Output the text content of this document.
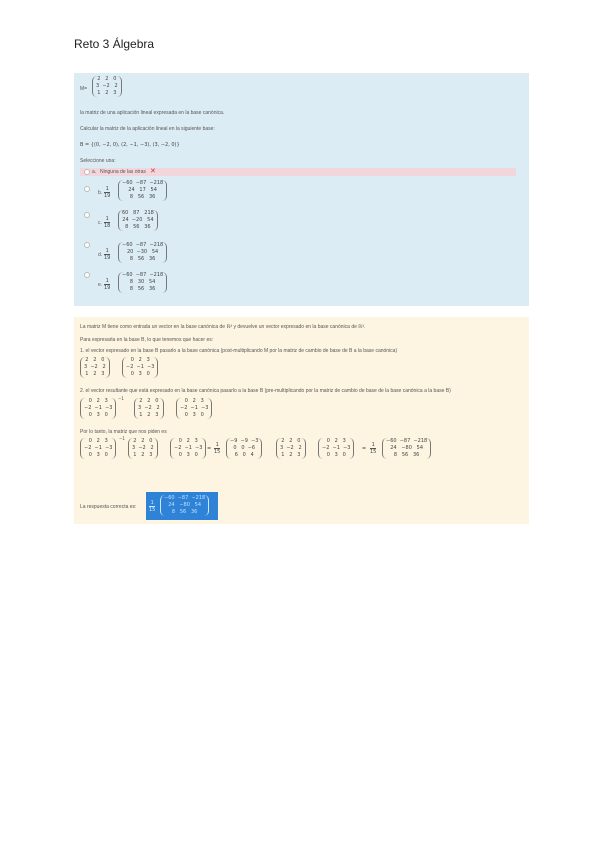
Reto 3 Álgebra
M=
2   2   0
3  −2   2
1   2   3
la matriz de una aplicación lineal expresada en la base canónica.
Calcular la matriz de la aplicación lineal en la siguiente base:
B = {(0, −2, 0), (2, −1, −3), (3, −2, 0)}
Seleccione una:
a. Ninguna de las otras ✕
b. $\frac{1}{19}$
−60  −87  −218
24   17   54
8   56   36
c. $\frac{1}{18}$
60   87   218
24  −20   54
8   56   36
d. $\frac{1}{19}$
−60  −87  −218
20  −30   54
8   56   36
e. $\frac{1}{19}$
−60  −87  −218
8   30   54
8   56   36
La matriz M tiene como entrada un vector en la base canónica de ℝ³ y devuelve un vector expresado en la base canónica de ℝ³.
Para expresarla en la base B, lo que tenemos que hacer es:
1. el vector expresado en la base B pasarlo a la base canónica (post-multiplicando M por la matriz de cambio de base de B a la base canónica)
2   2   0
3  −2   2
1   2   3
0   2   3
−2  −1  −3
0   3   0
2. el vector resultante que está expresado en la base canónica pasarlo a la base B (pre-multiplicando por la matriz de cambio de base de la base canónica a la base B)
0   2   3
−2  −1  −3
0   3   0
−1	2   2   0
3  −2   2
1   2   3
0   2   3
−2  −1  −3
0   3   0
Por lo tanto, la matriz que nos piden es
0   2   3
−2  −1  −3
0   3   0
−1 2   2   0
3  −2   2
1   2   3
0   2   3
−2  −1  −3
0   3   0
= $\frac{1}{15}$
−9  −9  −3
0   0  −6
6   0   4
2   2   0
3  −2   2
1   2   3
0   2   3
−2  −1  −3
0   3   0
= $\frac{1}{15}$
−60  −87  −218
24   −80   54
8   56   36
La respuesta correcta es:	$\frac{1}{15}$
−60  −87  −218
24   −80   54
8   56   36
